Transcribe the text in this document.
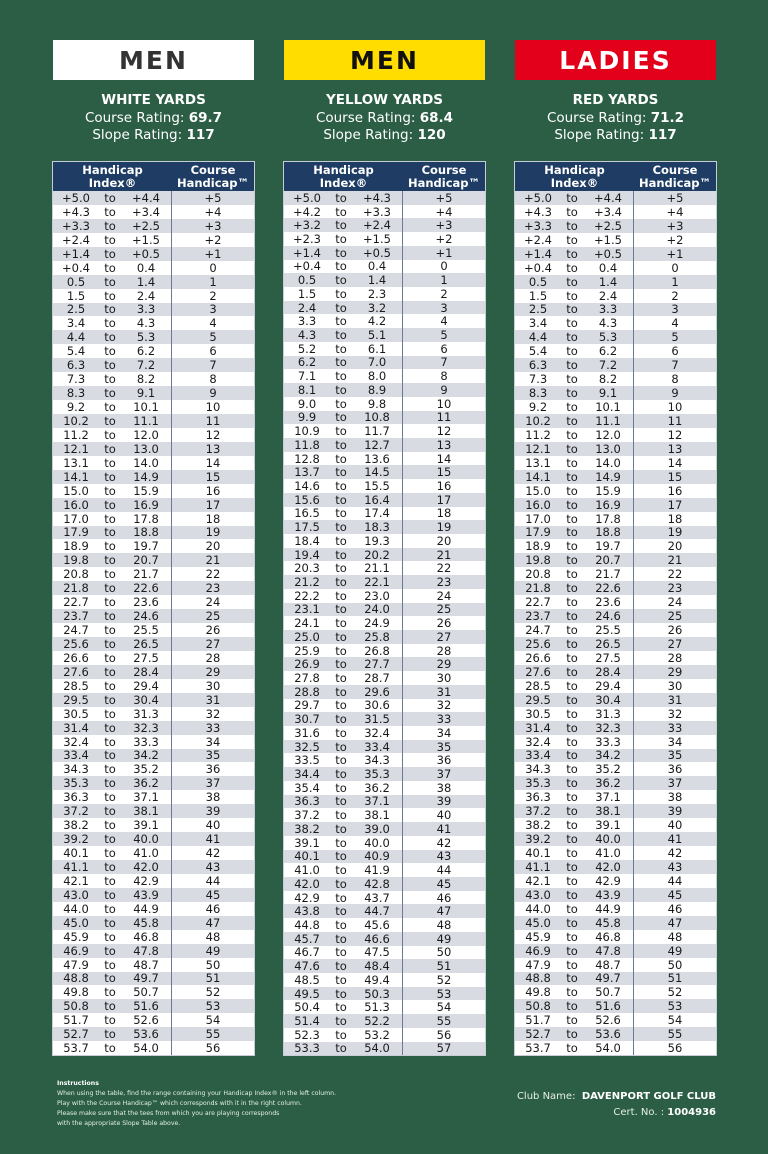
MEN
WHITE YARDS
Course Rating: 69.7
Slope Rating: 117
Handicap
Index®
Course
Handicap™
+5.0	to	+4.4	+5
+4.3	to	+3.4	+4
+3.3	to	+2.5	+3
+2.4	to	+1.5	+2
+1.4	to	+0.5	+1
+0.4	to	0.4	0
0.5	to	1.4	1
1.5	to	2.4	2
2.5	to	3.3	3
3.4	to	4.3	4
4.4	to	5.3	5
5.4	to	6.2	6
6.3	to	7.2	7
7.3	to	8.2	8
8.3	to	9.1	9
9.2	to	10.1	10
10.2	to	11.1	11
11.2	to	12.0	12
12.1	to	13.0	13
13.1	to	14.0	14
14.1	to	14.9	15
15.0	to	15.9	16
16.0	to	16.9	17
17.0	to	17.8	18
17.9	to	18.8	19
18.9	to	19.7	20
19.8	to	20.7	21
20.8	to	21.7	22
21.8	to	22.6	23
22.7	to	23.6	24
23.7	to	24.6	25
24.7	to	25.5	26
25.6	to	26.5	27
26.6	to	27.5	28
27.6	to	28.4	29
28.5	to	29.4	30
29.5	to	30.4	31
30.5	to	31.3	32
31.4	to	32.3	33
32.4	to	33.3	34
33.4	to	34.2	35
34.3	to	35.2	36
35.3	to	36.2	37
36.3	to	37.1	38
37.2	to	38.1	39
38.2	to	39.1	40
39.2	to	40.0	41
40.1	to	41.0	42
41.1	to	42.0	43
42.1	to	42.9	44
43.0	to	43.9	45
44.0	to	44.9	46
45.0	to	45.8	47
45.9	to	46.8	48
46.9	to	47.8	49
47.9	to	48.7	50
48.8	to	49.7	51
49.8	to	50.7	52
50.8	to	51.6	53
51.7	to	52.6	54
52.7	to	53.6	55
53.7	to	54.0	56
MEN
YELLOW YARDS
Course Rating: 68.4
Slope Rating: 120
Handicap
Index®
Course
Handicap™
+5.0	to	+4.3	+5
+4.2	to	+3.3	+4
+3.2	to	+2.4	+3
+2.3	to	+1.5	+2
+1.4	to	+0.5	+1
+0.4	to	0.4	0
0.5	to	1.4	1
1.5	to	2.3	2
2.4	to	3.2	3
3.3	to	4.2	4
4.3	to	5.1	5
5.2	to	6.1	6
6.2	to	7.0	7
7.1	to	8.0	8
8.1	to	8.9	9
9.0	to	9.8	10
9.9	to	10.8	11
10.9	to	11.7	12
11.8	to	12.7	13
12.8	to	13.6	14
13.7	to	14.5	15
14.6	to	15.5	16
15.6	to	16.4	17
16.5	to	17.4	18
17.5	to	18.3	19
18.4	to	19.3	20
19.4	to	20.2	21
20.3	to	21.1	22
21.2	to	22.1	23
22.2	to	23.0	24
23.1	to	24.0	25
24.1	to	24.9	26
25.0	to	25.8	27
25.9	to	26.8	28
26.9	to	27.7	29
27.8	to	28.7	30
28.8	to	29.6	31
29.7	to	30.6	32
30.7	to	31.5	33
31.6	to	32.4	34
32.5	to	33.4	35
33.5	to	34.3	36
34.4	to	35.3	37
35.4	to	36.2	38
36.3	to	37.1	39
37.2	to	38.1	40
38.2	to	39.0	41
39.1	to	40.0	42
40.1	to	40.9	43
41.0	to	41.9	44
42.0	to	42.8	45
42.9	to	43.7	46
43.8	to	44.7	47
44.8	to	45.6	48
45.7	to	46.6	49
46.7	to	47.5	50
47.6	to	48.4	51
48.5	to	49.4	52
49.5	to	50.3	53
50.4	to	51.3	54
51.4	to	52.2	55
52.3	to	53.2	56
53.3	to	54.0	57
LADIES
RED YARDS
Course Rating: 71.2
Slope Rating: 117
Handicap
Index®
Course
Handicap™
+5.0	to	+4.4	+5
+4.3	to	+3.4	+4
+3.3	to	+2.5	+3
+2.4	to	+1.5	+2
+1.4	to	+0.5	+1
+0.4	to	0.4	0
0.5	to	1.4	1
1.5	to	2.4	2
2.5	to	3.3	3
3.4	to	4.3	4
4.4	to	5.3	5
5.4	to	6.2	6
6.3	to	7.2	7
7.3	to	8.2	8
8.3	to	9.1	9
9.2	to	10.1	10
10.2	to	11.1	11
11.2	to	12.0	12
12.1	to	13.0	13
13.1	to	14.0	14
14.1	to	14.9	15
15.0	to	15.9	16
16.0	to	16.9	17
17.0	to	17.8	18
17.9	to	18.8	19
18.9	to	19.7	20
19.8	to	20.7	21
20.8	to	21.7	22
21.8	to	22.6	23
22.7	to	23.6	24
23.7	to	24.6	25
24.7	to	25.5	26
25.6	to	26.5	27
26.6	to	27.5	28
27.6	to	28.4	29
28.5	to	29.4	30
29.5	to	30.4	31
30.5	to	31.3	32
31.4	to	32.3	33
32.4	to	33.3	34
33.4	to	34.2	35
34.3	to	35.2	36
35.3	to	36.2	37
36.3	to	37.1	38
37.2	to	38.1	39
38.2	to	39.1	40
39.2	to	40.0	41
40.1	to	41.0	42
41.1	to	42.0	43
42.1	to	42.9	44
43.0	to	43.9	45
44.0	to	44.9	46
45.0	to	45.8	47
45.9	to	46.8	48
46.9	to	47.8	49
47.9	to	48.7	50
48.8	to	49.7	51
49.8	to	50.7	52
50.8	to	51.6	53
51.7	to	52.6	54
52.7	to	53.6	55
53.7	to	54.0	56
Instructions
When using the table, find the range containing your Handicap Index® in the left column.
Play with the Course Handicap™ which corresponds with it in the right column.
Please make sure that the tees from which you are playing corresponds
with the appropriate Slope Table above.
Club Name: DAVENPORT GOLF CLUB
Cert. No. : 1004936
